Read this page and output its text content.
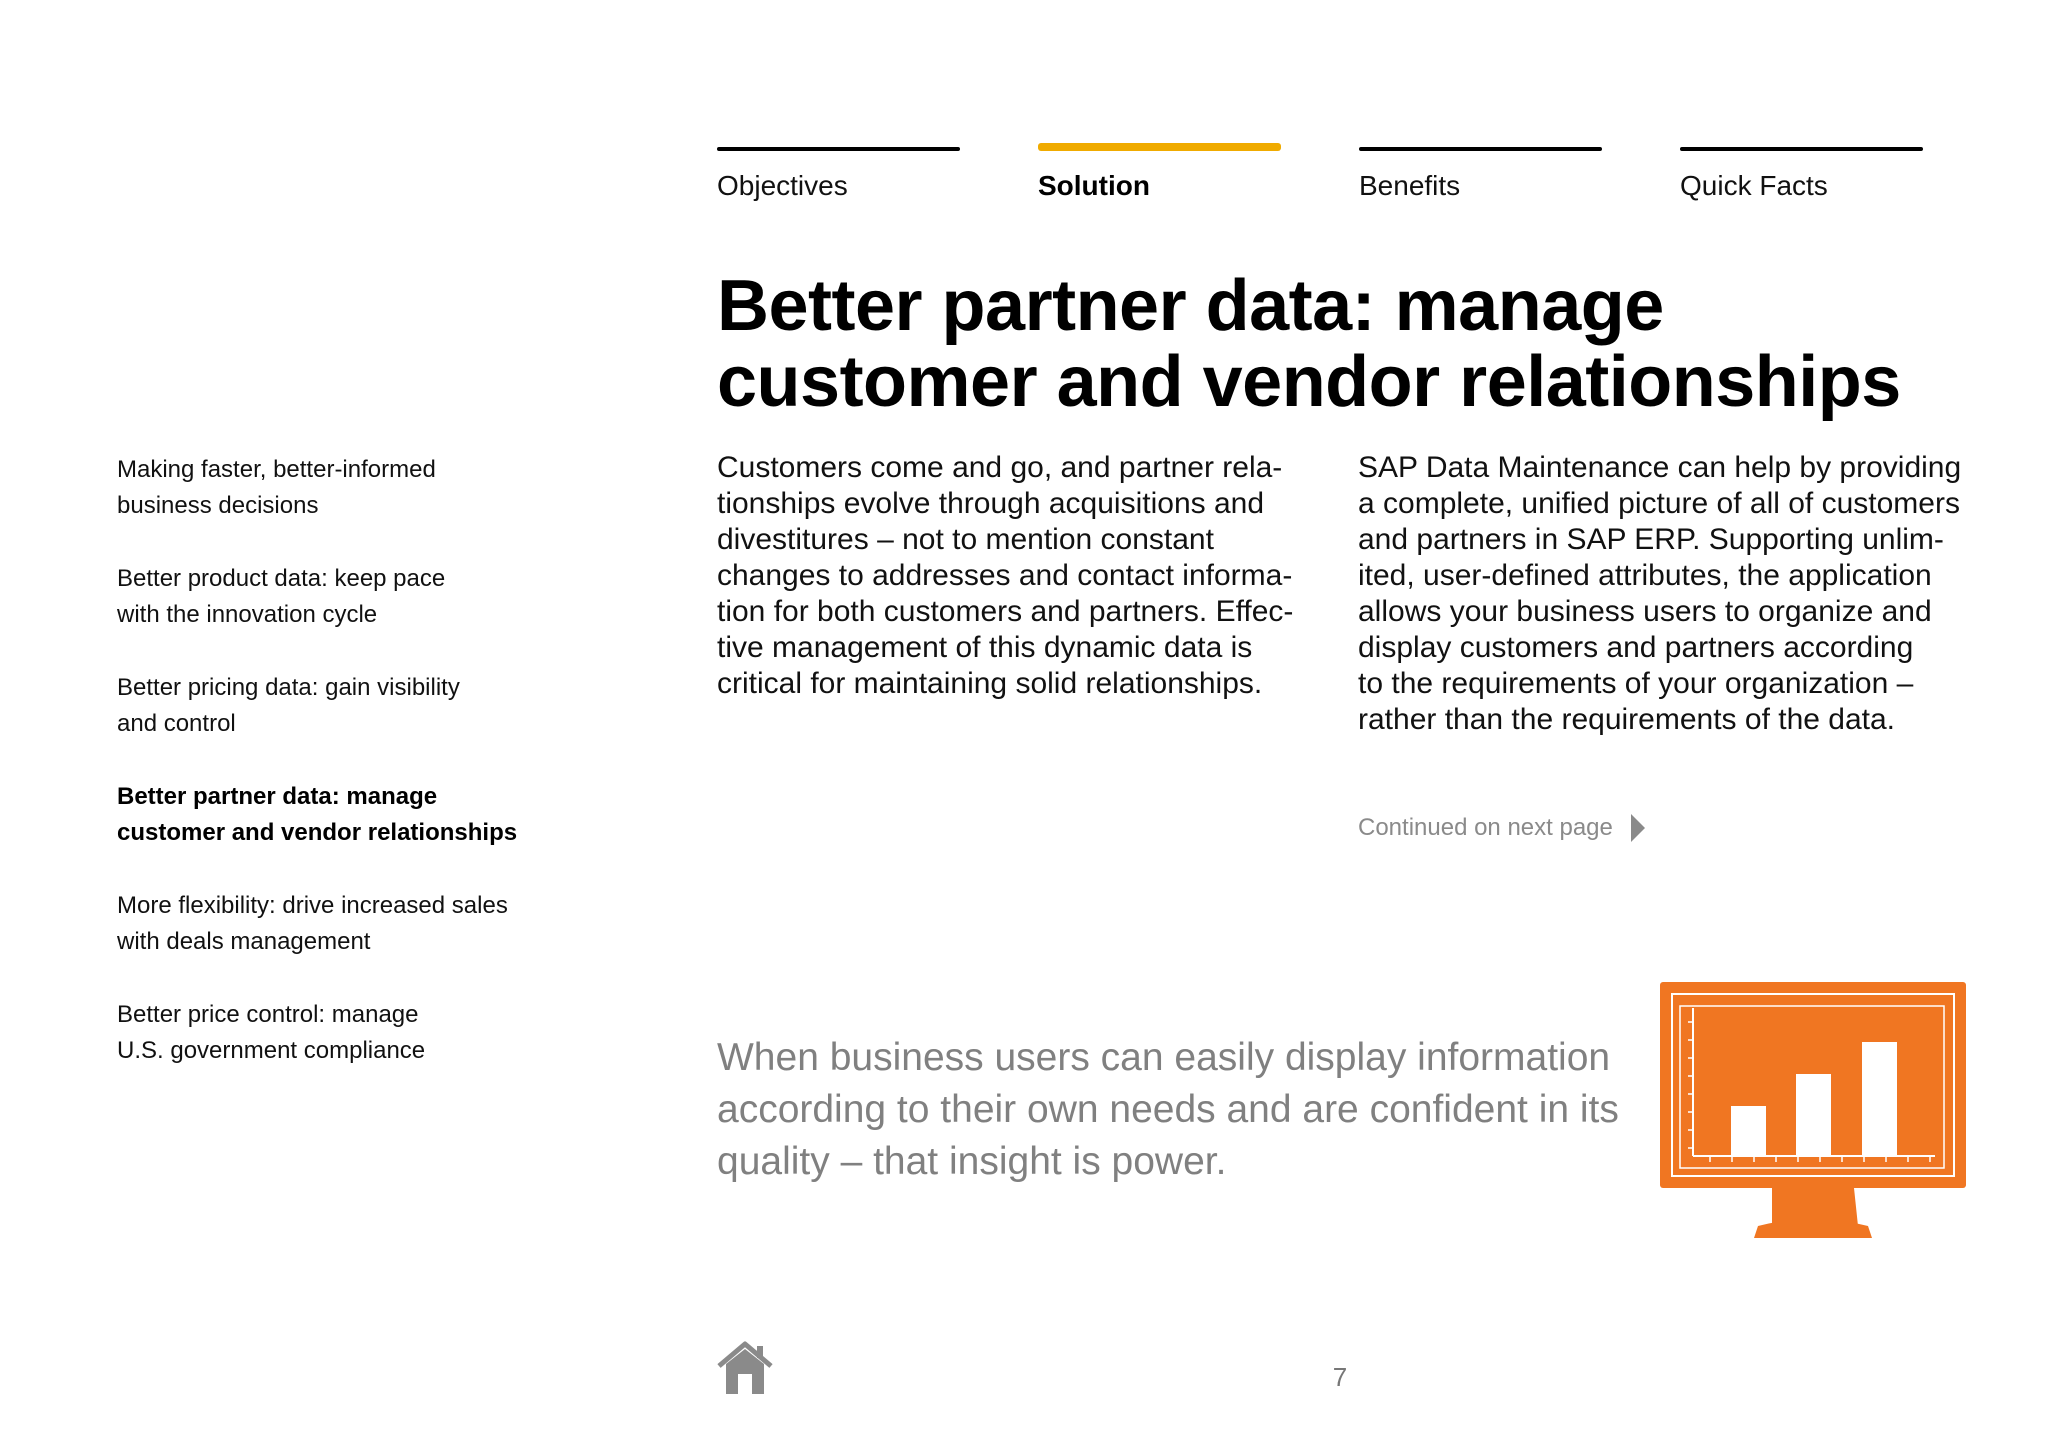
Objectives	Solution	Benefits	Quick Facts
Better partner data: manage
customer and vendor relationships
Making faster, better-informed
business decisions
Better product data: keep pace
with the innovation cycle
Better pricing data: gain visibility
and control
Better partner data: manage
customer and vendor relationships
More flexibility: drive increased sales
with deals management
Better price control: manage
U.S. government compliance

Customers come and go, and partner rela-
tionships evolve through acquisitions and
divestitures – not to mention constant
changes to addresses and contact informa-
tion for both customers and partners. Effec-
tive management of this dynamic data is
critical for maintaining solid relationships.

SAP Data Maintenance can help by providing
a complete, unified picture of all of customers
and partners in SAP ERP. Supporting unlim-
ited, user-defined attributes, the application
allows your business users to organize and
display customers and partners according
to the requirements of your organization –
rather than the requirements of the data.

Continued on next page
When business users can easily display information
according to their own needs and are confident in its
quality – that insight is power.
7
